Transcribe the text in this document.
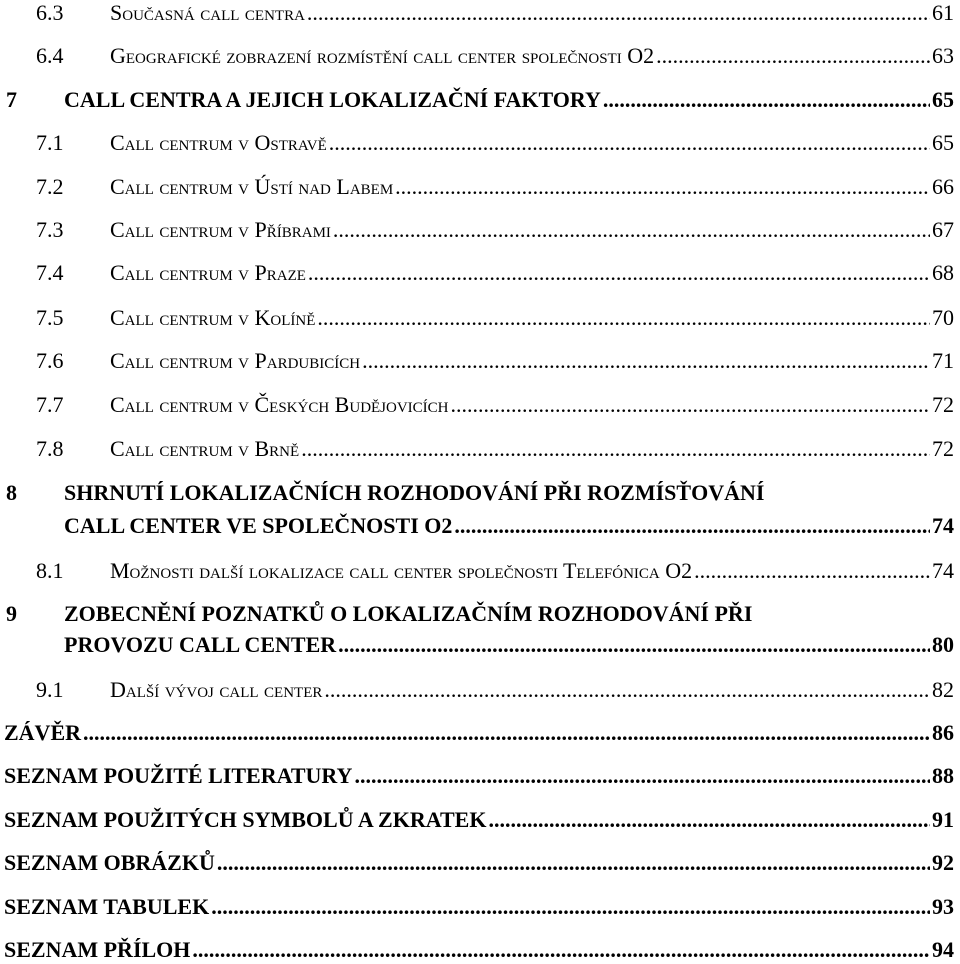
6.3 Současná call centra .....	61
6.4 Geografické zobrazení rozmístění call center společnosti O2 .....	63
7 CALL CENTRA A JEJICH LOKALIZAČNÍ FAKTORY .....	65
7.1 Call centrum v Ostravě .....	65
7.2 Call centrum v Ústí nad Labem .....	66
7.3 Call centrum v Příbrami .....	67
7.4 Call centrum v Praze .....	68
7.5 Call centrum v Kolíně .....	70
7.6 Call centrum v Pardubicích .....	71
7.7 Call centrum v Českých Budějovicích .....	72
7.8 Call centrum v Brně .....	72
8 SHRNUTÍ LOKALIZAČNÍCH ROZHODOVÁNÍ PŘI ROZMÍSŤOVÁNÍ
CALL CENTER VE SPOLEČNOSTI O2 .....	74
8.1 Možnosti další lokalizace call center společnosti Telefónica O2 .....	74
9 ZOBECNĚNÍ POZNATKŮ O LOKALIZAČNÍM ROZHODOVÁNÍ PŘI
PROVOZU CALL CENTER .....	80
9.1 Další vývoj call center .....	82
ZÁVĚR .....	86
SEZNAM POUŽITÉ LITERATURY .....	88
SEZNAM POUŽITÝCH SYMBOLŮ A ZKRATEK .....	91
SEZNAM OBRÁZKŮ .....	92
SEZNAM TABULEK .....	93
SEZNAM PŘÍLOH .....	94
